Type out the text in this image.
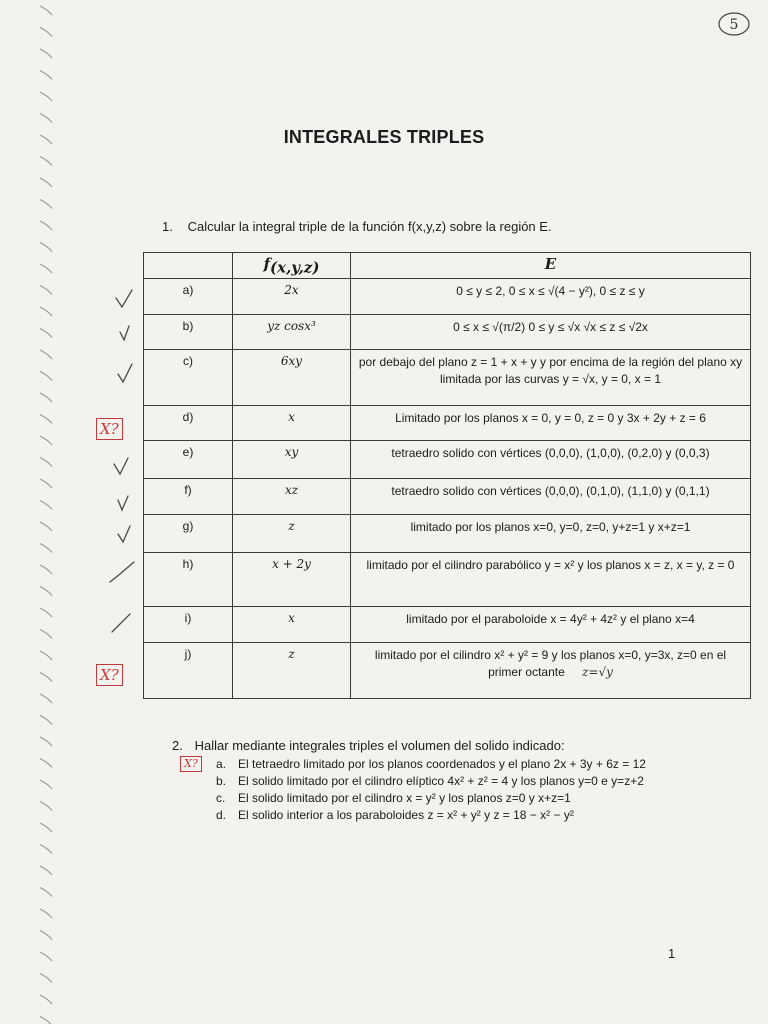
5
INTEGRALES TRIPLES
1. Calcular la integral triple de la función f(x,y,z) sobre la región E.
	$f_{(x,y,z)}$	E
a)	2x	0 ≤ y ≤ 2, 0 ≤ x ≤ √(4 − y²), 0 ≤ z ≤ y
b)	yz cosx³	0 ≤ x ≤ √(π/2) 0 ≤ y ≤ √x √x ≤ z ≤ √2x
c)	6xy	por debajo del plano z = 1 + x + y y por encima de la región del plano xy limitada por las curvas y = √x, y = 0, x = 1
d)	x	Limitado por los planos x = 0, y = 0, z = 0 y 3x + 2y + z = 6
e)	xy	tetraedro solido con vértices (0,0,0), (1,0,0), (0,2,0) y (0,0,3)
f)	xz	tetraedro solido con vértices (0,0,0), (0,1,0), (1,1,0) y (0,1,1)
g)	z	limitado por los planos x=0, y=0, z=0, y+z=1 y x+z=1
h)	x + 2y	limitado por el cilindro parabólico y = x² y los planos x = z, x = y, z = 0
i)	x	limitado por el paraboloide x = 4y² + 4z² y el plano x=4
j)	z	limitado por el cilindro x² + y² = 9 y los planos x=0, y=3x, z=0 en el primer octante z=√y
X?
X?
X?
2. Hallar mediante integrales triples el volumen del solido indicado:
a. El tetraedro limitado por los planos coordenados y el plano 2x + 3y + 6z = 12
b. El solido limitado por el cilindro elíptico 4x² + z² = 4 y los planos y=0 e y=z+2
c. El solido limitado por el cilindro x = y² y los planos z=0 y x+z=1
d. El solido interior a los paraboloides z = x² + y² y z = 18 − x² − y²
1
